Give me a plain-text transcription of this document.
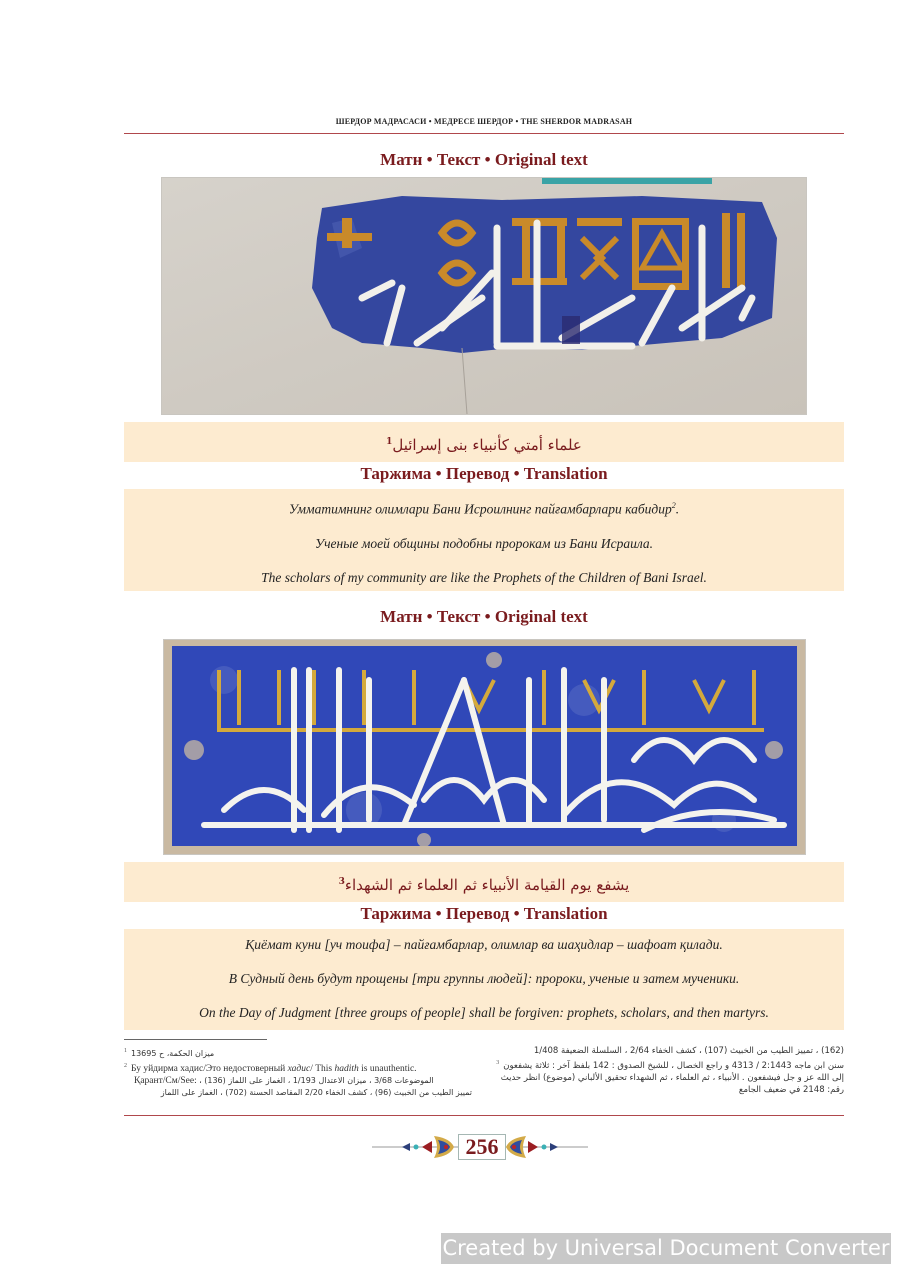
ШЕРДОР МАДРАСАСИ • МЕДРЕСЕ ШЕРДОР • THE SHERDOR MADRASAH
Матн • Текст • Original text
$^1$علماء أمتي كأنبياء بنى إسرائيل
Таржима • Перевод • Translation
Умматимнинг олимлари Бани Исроилнинг пайғамбарлари кабидир$^2$.
Ученые моей общины подобны пророкам из Бани Исраила.
The scholars of my community are like the Prophets of the Children of Bani Israel.
Матн • Текст • Original text
$^3$يشفع يوم القيامة الأنبياء ثم العلماء ثم الشهداء
Таржима • Перевод • Translation
Қиёмат куни [уч тоифа] – пайғамбарлар, олимлар ва шаҳидлар – шафоат қилади.
В Судный день будут прощены [три группы людей]: пророки, ученые и затем мученики.
On the Day of Judgment [three groups of people] shall be forgiven: prophets, scholars, and then martyrs.
$^1$ ميزان الحكمة، ح 13695
$^2$ Бу уйдирма хадис/Это недостоверный хадис/ This hadith is unauthentic.
Қарант/См/See: الموضوعات 3/68 ، ميزان الاعتدال 1/193 ، الغماز على اللماز (136) ،

تمييز الطيب من الخبيث (96) ، كشف الخفاء 2/20 المقاصد الحسنة (702) ، الغماز على اللماز
(162) ، تمييز الطيب من الخبيث (107) ، كشف الخفاء 2/64 ، السلسلة الضعيفة 1/408
$^3$ سنن ابن ماجه 2:1443 / 4313 و راجع الخصال ، للشيخ الصدوق : 142 بلفظ آخر : ثلاثة يشفعون إلى الله عز و جل فيشفعون . الأنبياء ، ثم العلماء ، ثم الشهداء تحقيق الألباني (موضوع) انظر حديث رقم: 2148 في ضعيف الجامع
256
Created by Universal Document Converter
